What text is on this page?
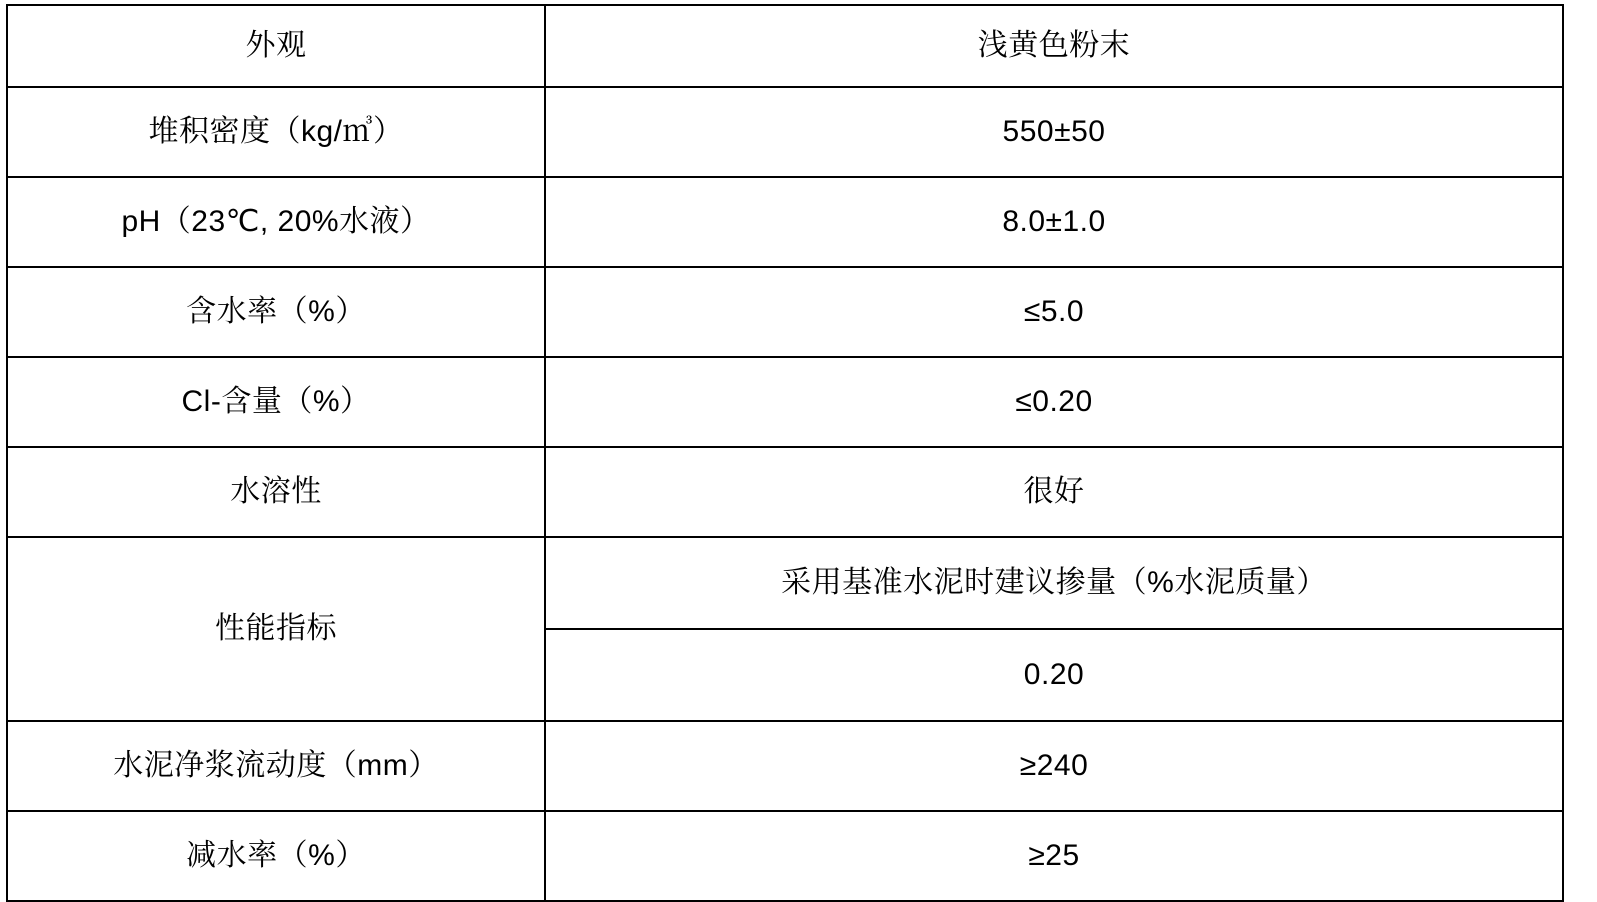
外观	浅黄色粉末
堆积密度（kg/㎥）	550±50
pH（23℃, 20%水液）	8.0±1.0
含水率（%）	≤5.0
Cl-含量（%）	≤0.20
水溶性	很好
性能指标	采用基准水泥时建议掺量（%水泥质量）
	0.20
水泥净浆流动度（mm）	≥240
减水率（%）	≥25
